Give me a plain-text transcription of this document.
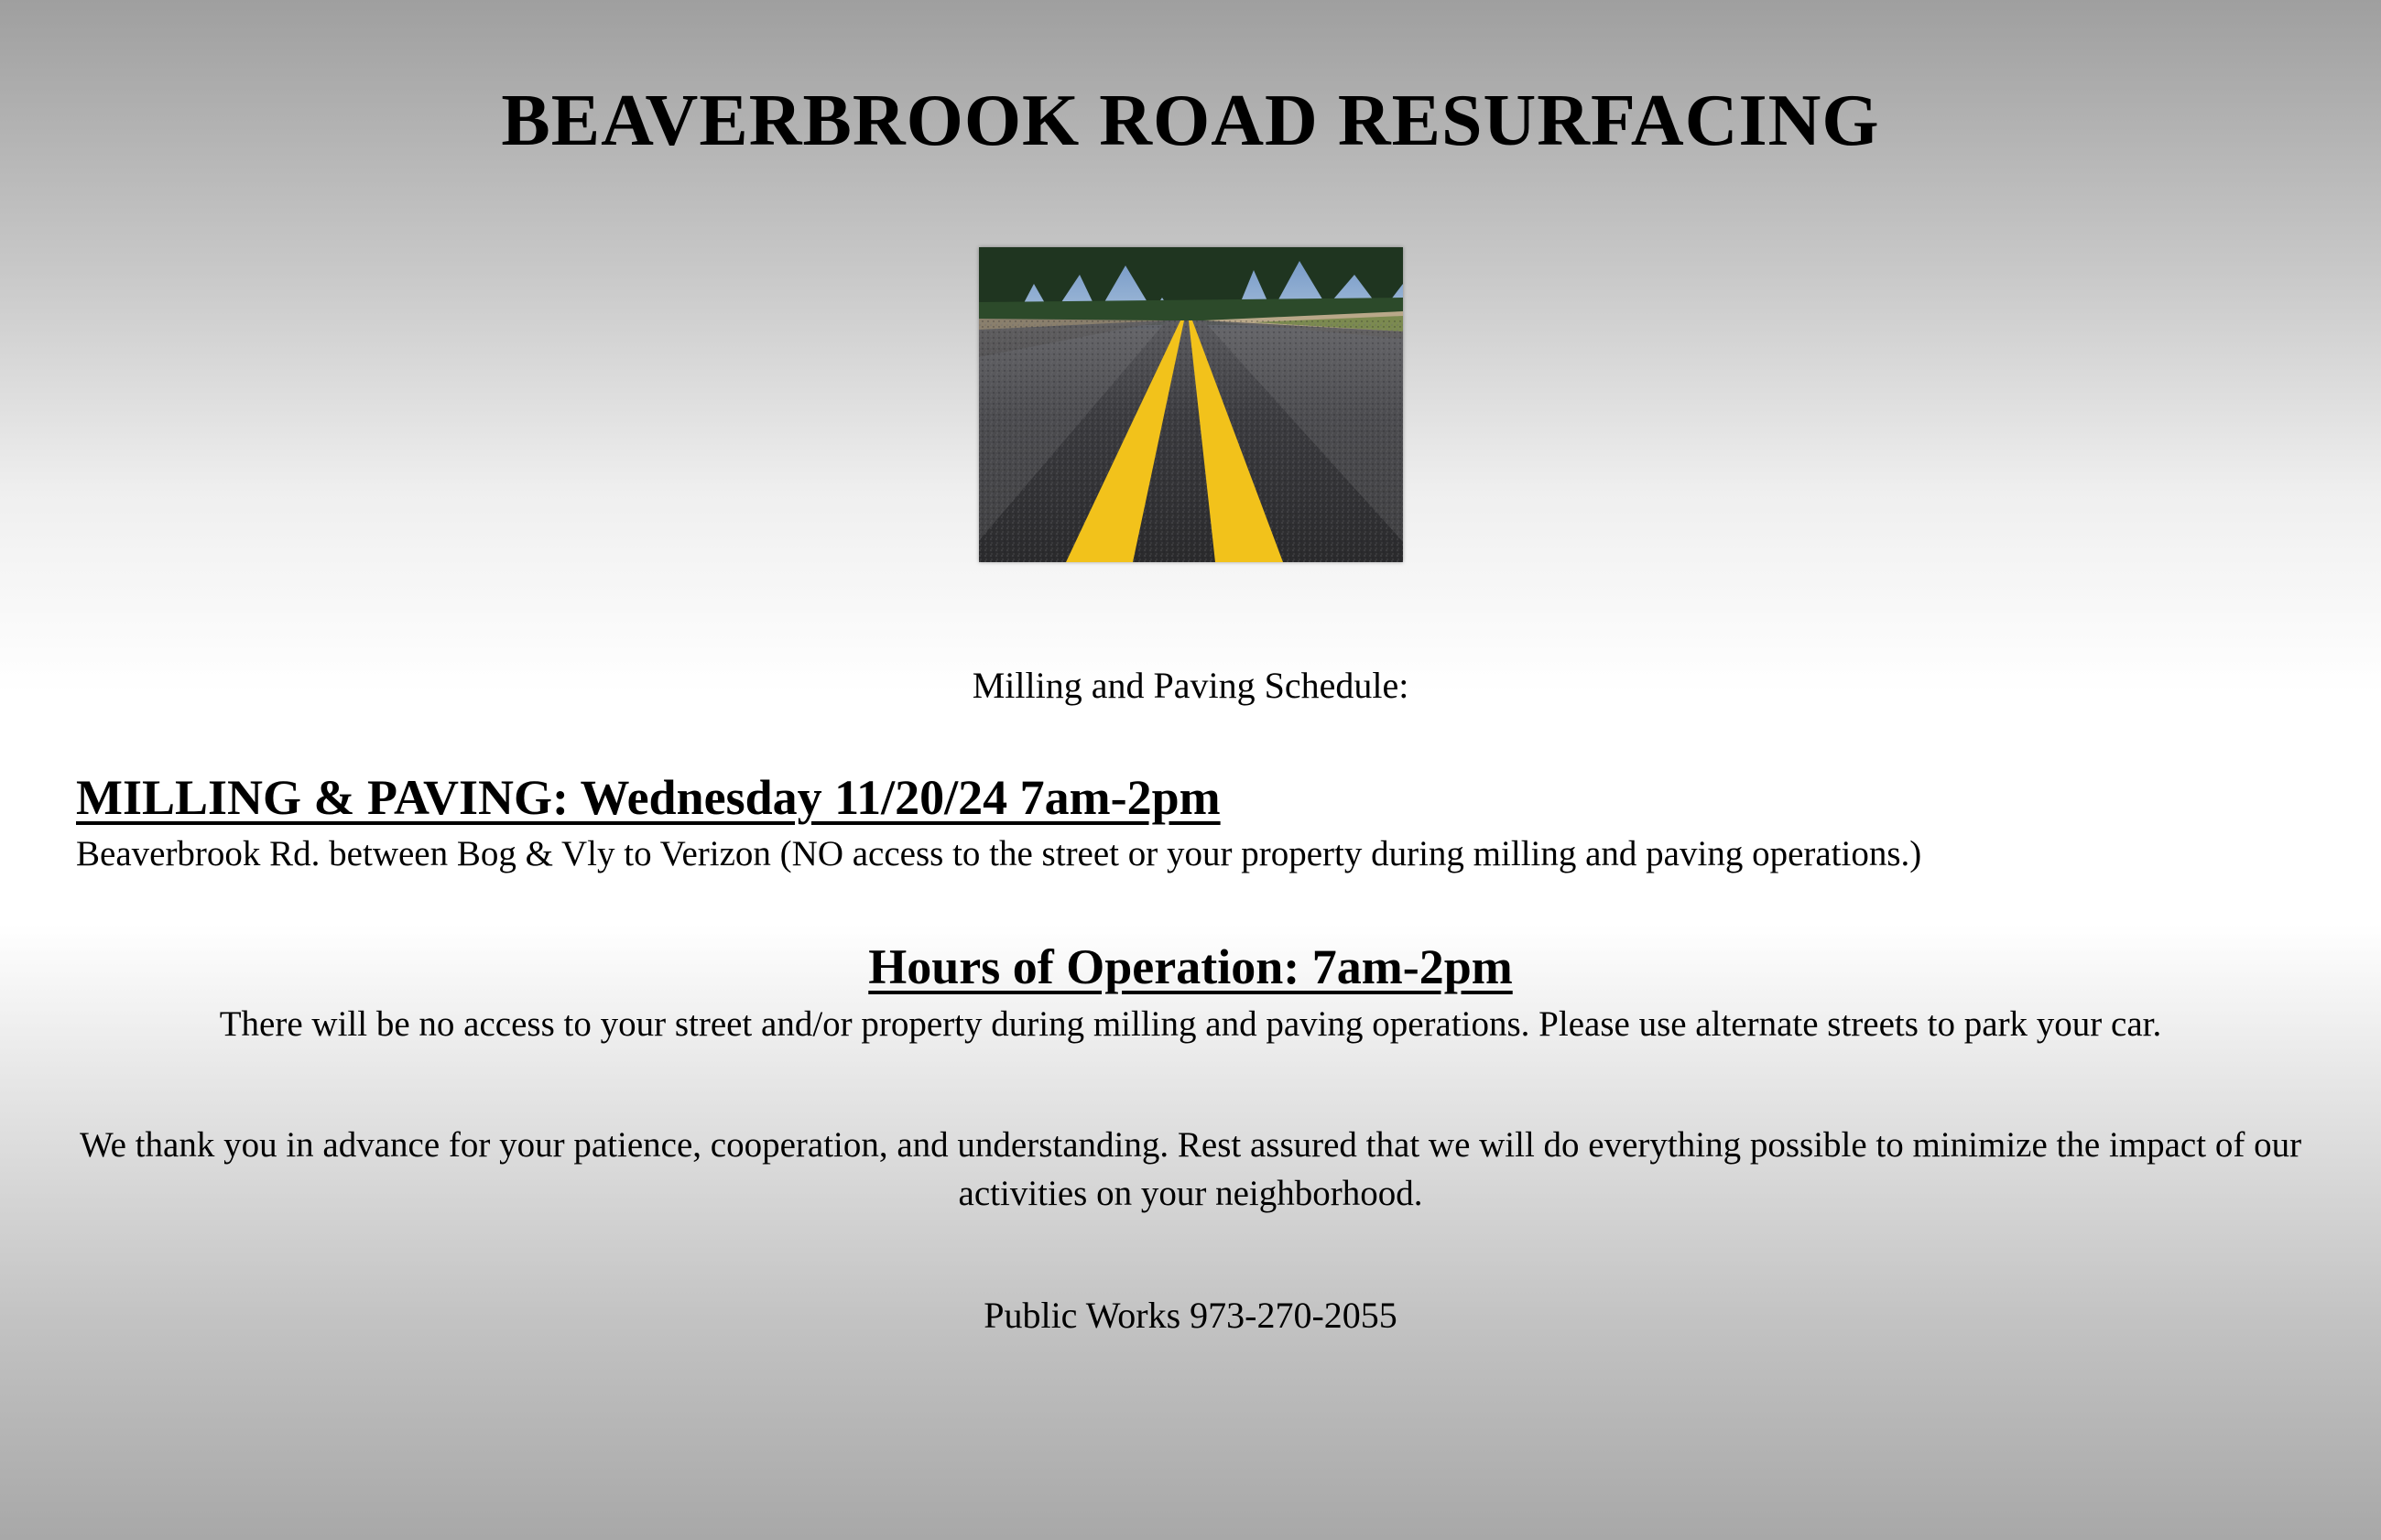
BEAVERBROOK ROAD RESURFACING

Milling and Paving Schedule:

MILLING & PAVING: Wednesday 11/20/24 7am-2pm

Beaverbrook Rd. between Bog & Vly to Verizon (NO access to the street or your property during milling and paving operations.)

Hours of Operation: 7am-2pm

There will be no access to your street and/or property during milling and paving operations. Please use alternate streets to park your car.

We thank you in advance for your patience, cooperation, and understanding. Rest assured that we will do everything possible to minimize the impact of our activities on your neighborhood.

Public Works 973-270-2055
